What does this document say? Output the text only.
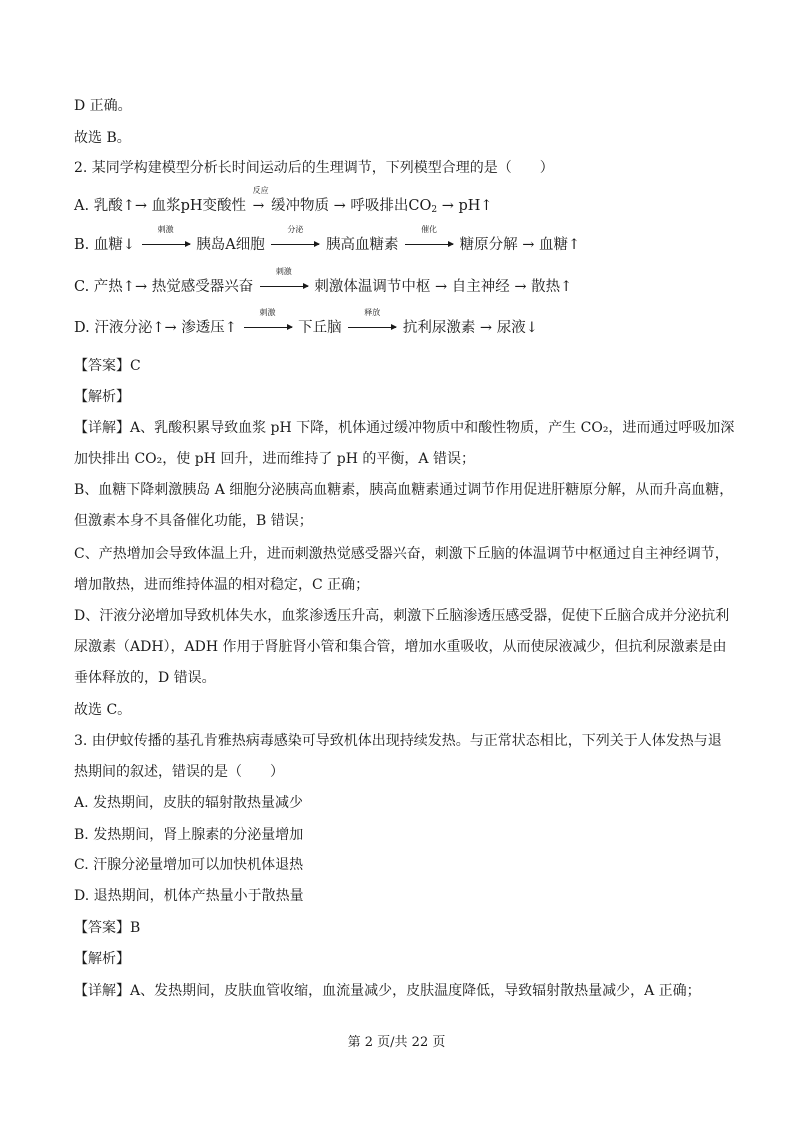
D 正确。
故选 B。
2. 某同学构建模型分析长时间运动后的生理调节，下列模型合理的是（　　）
A. 乳酸↑→ 血浆pH变酸性
反应
→ 缓冲物质 → 呼吸排出$CO_2$ → pH↑
B. 血糖↓
刺激
胰岛A细胞
分泌
胰高血糖素
催化
糖原分解 → 血糖↑
C. 产热↑→ 热觉感受器兴奋
刺激
刺激体温调节中枢 → 自主神经 → 散热↑
D. 汗液分泌↑→ 渗透压↑
刺激
下丘脑
释放
抗利尿激素 → 尿液↓
【答案】C
【解析】
【详解】A、乳酸积累导致血浆 pH 下降，机体通过缓冲物质中和酸性物质，产生 CO₂，进而通过呼吸加深
加快排出 CO₂，使 pH 回升，进而维持了 pH 的平衡，A 错误；
B、血糖下降刺激胰岛 A 细胞分泌胰高血糖素，胰高血糖素通过调节作用促进肝糖原分解，从而升高血糖，
但激素本身不具备催化功能，B 错误；
C、产热增加会导致体温上升，进而刺激热觉感受器兴奋，刺激下丘脑的体温调节中枢通过自主神经调节，
增加散热，进而维持体温的相对稳定，C 正确；
D、汗液分泌增加导致机体失水，血浆渗透压升高，刺激下丘脑渗透压感受器，促使下丘脑合成并分泌抗利
尿激素（ADH），ADH 作用于肾脏肾小管和集合管，增加水重吸收，从而使尿液减少，但抗利尿激素是由
垂体释放的，D 错误。
故选 C。
3. 由伊蚊传播的基孔肯雅热病毒感染可导致机体出现持续发热。与正常状态相比，下列关于人体发热与退
热期间的叙述，错误的是（　　）
A. 发热期间，皮肤的辐射散热量减少
B. 发热期间，肾上腺素的分泌量增加
C. 汗腺分泌量增加可以加快机体退热
D. 退热期间，机体产热量小于散热量
【答案】B
【解析】
【详解】A、发热期间，皮肤血管收缩，血流量减少，皮肤温度降低，导致辐射散热量减少，A 正确；
第 2 页/共 22 页
